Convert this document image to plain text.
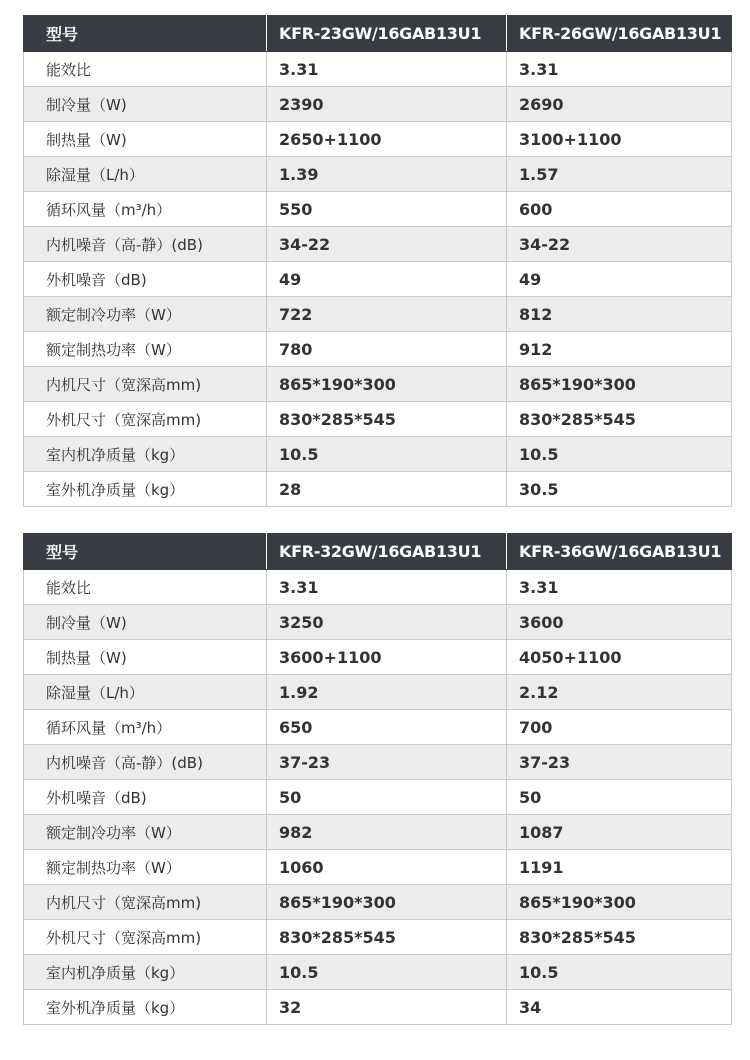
型号	KFR-23GW/16GAB13U1	KFR-26GW/16GAB13U1
能效比	3.31	3.31
制冷量（W)	2390	2690
制热量（W)	2650+1100	3100+1100
除湿量（L/h）	1.39	1.57
循环风量（m³/h）	550	600
内机噪音（高-静）(dB)	34-22	34-22
外机噪音（dB)	49	49
额定制冷功率（W）	722	812
额定制热功率（W）	780	912
内机尺寸（宽深高mm)	865*190*300	865*190*300
外机尺寸（宽深高mm)	830*285*545	830*285*545
室内机净质量（kg）	10.5	10.5
室外机净质量（kg）	28	30.5
型号	KFR-32GW/16GAB13U1	KFR-36GW/16GAB13U1
能效比	3.31	3.31
制冷量（W)	3250	3600
制热量（W)	3600+1100	4050+1100
除湿量（L/h）	1.92	2.12
循环风量（m³/h）	650	700
内机噪音（高-静）(dB)	37-23	37-23
外机噪音（dB)	50	50
额定制冷功率（W）	982	1087
额定制热功率（W）	1060	1191
内机尺寸（宽深高mm)	865*190*300	865*190*300
外机尺寸（宽深高mm)	830*285*545	830*285*545
室内机净质量（kg）	10.5	10.5
室外机净质量（kg）	32	34
